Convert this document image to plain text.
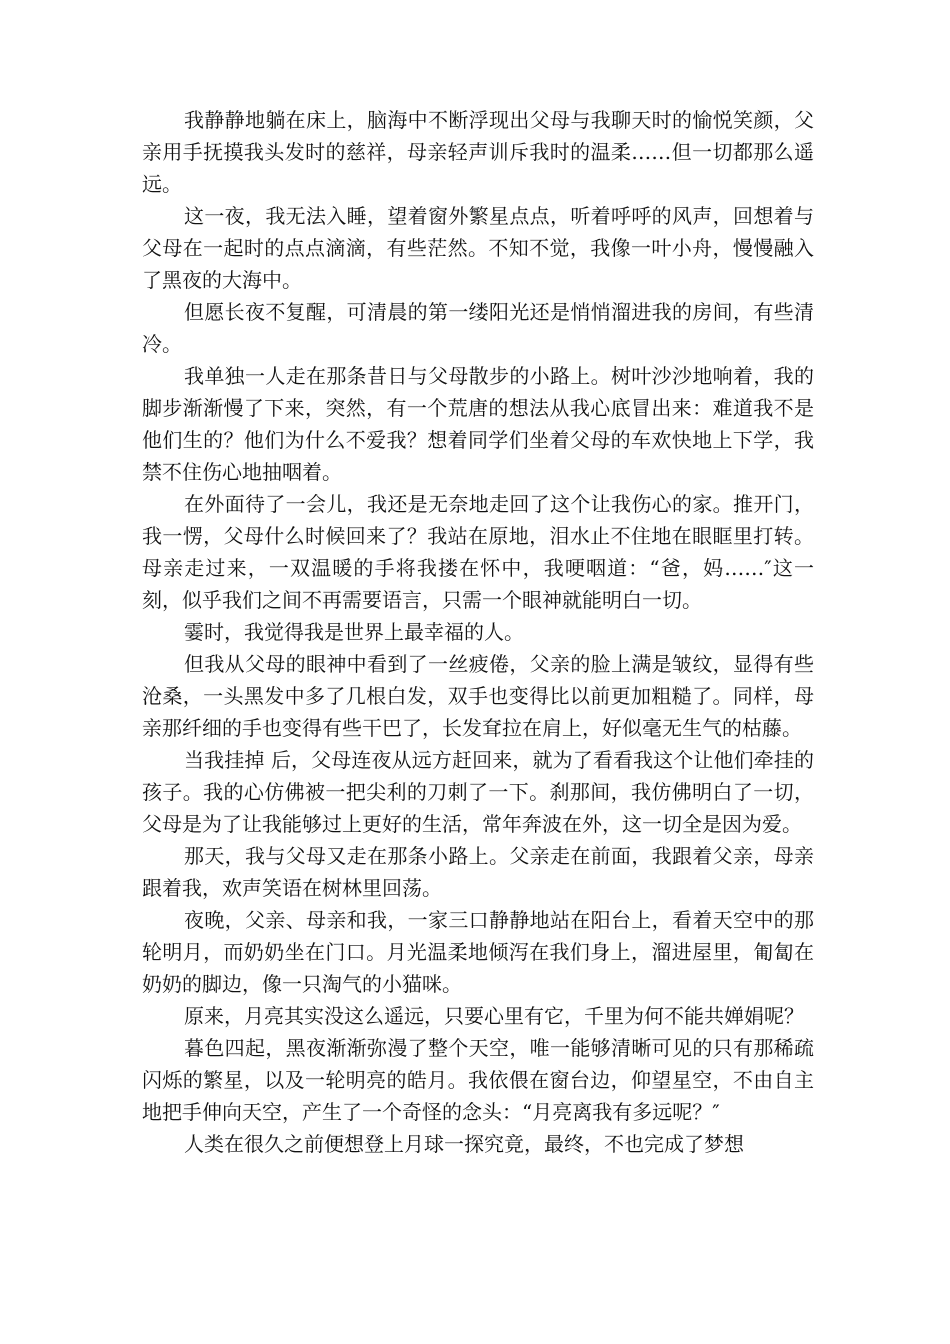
我静静地躺在床上，脑海中不断浮现出父母与我聊天时的愉悦笑颜，父亲用手抚摸我头发时的慈祥，母亲轻声训斥我时的温柔……但一切都那么遥远。

这一夜，我无法入睡，望着窗外繁星点点，听着呼呼的风声，回想着与父母在一起时的点点滴滴，有些茫然。不知不觉，我像一叶小舟，慢慢融入了黑夜的大海中。

但愿长夜不复醒，可清晨的第一缕阳光还是悄悄溜进我的房间，有些清冷。

我单独一人走在那条昔日与父母散步的小路上。树叶沙沙地响着，我的脚步渐渐慢了下来，突然，有一个荒唐的想法从我心底冒出来：难道我不是他们生的？他们为什么不爱我？想着同学们坐着父母的车欢快地上下学，我禁不住伤心地抽咽着。

在外面待了一会儿，我还是无奈地走回了这个让我伤心的家。推开门，我一愣，父母什么时候回来了？我站在原地，泪水止不住地在眼眶里打转。母亲走过来，一双温暖的手将我搂在怀中，我哽咽道：“爸，妈……″这一刻，似乎我们之间不再需要语言，只需一个眼神就能明白一切。

霎时，我觉得我是世界上最幸福的人。

但我从父母的眼神中看到了一丝疲倦，父亲的脸上满是皱纹，显得有些沧桑，一头黑发中多了几根白发，双手也变得比以前更加粗糙了。同样，母亲那纤细的手也变得有些干巴了，长发耷拉在肩上，好似毫无生气的枯藤。

当我挂掉 后，父母连夜从远方赶回来，就为了看看我这个让他们牵挂的孩子。我的心仿佛被一把尖利的刀刺了一下。刹那间，我仿佛明白了一切，父母是为了让我能够过上更好的生活，常年奔波在外，这一切全是因为爱。

那天，我与父母又走在那条小路上。父亲走在前面，我跟着父亲，母亲跟着我，欢声笑语在树林里回荡。

夜晚，父亲、母亲和我，一家三口静静地站在阳台上，看着天空中的那轮明月，而奶奶坐在门口。月光温柔地倾泻在我们身上，溜进屋里，匍匐在奶奶的脚边，像一只淘气的小猫咪。

原来，月亮其实没这么遥远，只要心里有它，千里为何不能共婵娟呢？

暮色四起，黑夜渐渐弥漫了整个天空，唯一能够清晰可见的只有那稀疏闪烁的繁星，以及一轮明亮的皓月。我依偎在窗台边，仰望星空，不由自主地把手伸向天空，产生了一个奇怪的念头：“月亮离我有多远呢？″

人类在很久之前便想登上月球一探究竟，最终，不也完成了梦想
